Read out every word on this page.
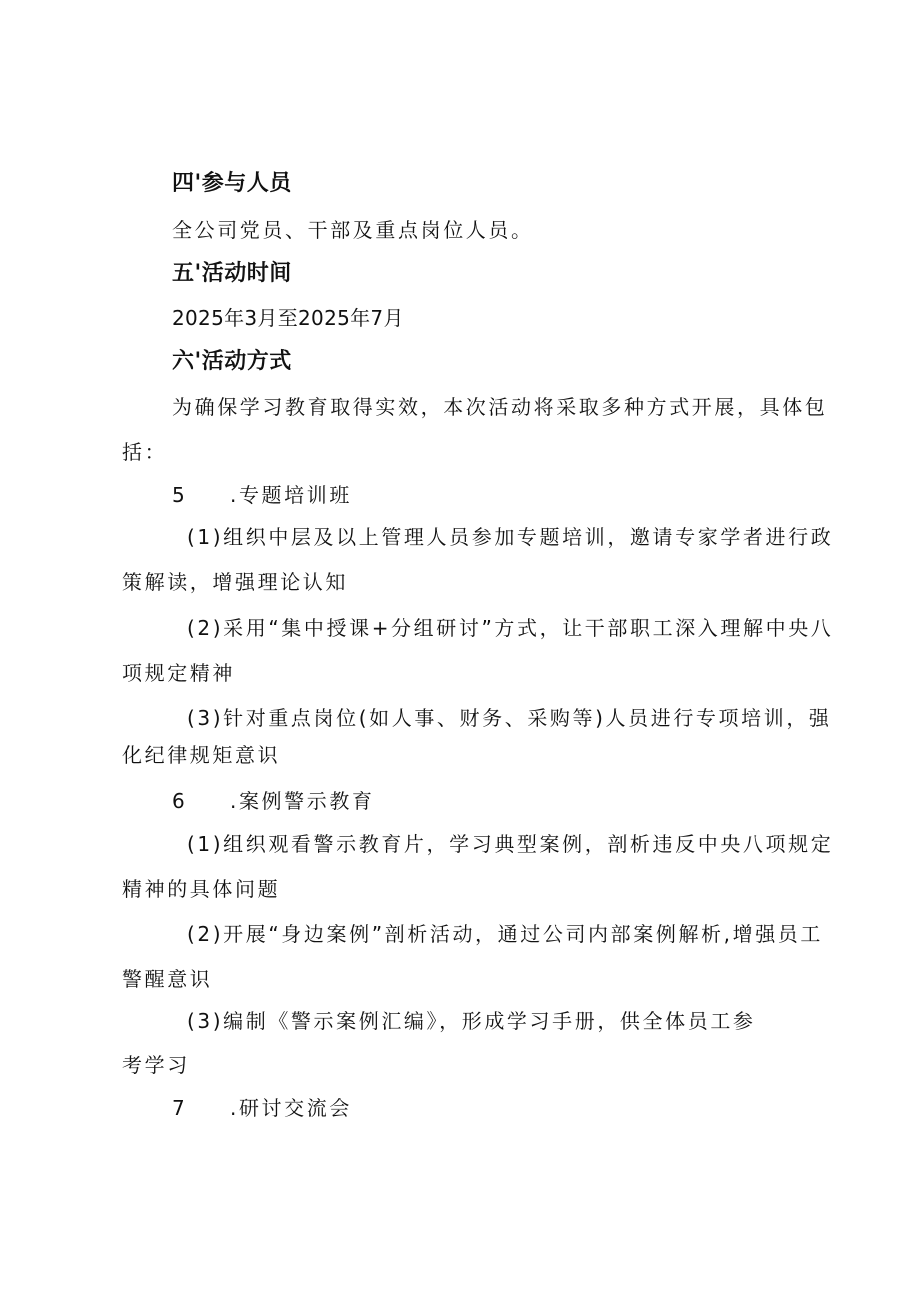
四'参与人员
全公司党员、干部及重点岗位人员。
五'活动时间
2025年3月至2025年7月
六'活动方式
为确保学习教育取得实效，本次活动将采取多种方式开展，具体包
括：
5 .专题培训班
(1)组织中层及以上管理人员参加专题培训，邀请专家学者进行政
策解读，增强理论认知
(2)采用“集中授课+分组研讨”方式，让干部职工深入理解中央八
项规定精神
(3)针对重点岗位(如人事、财务、采购等)人员进行专项培训，强
化纪律规矩意识
6 .案例警示教育
(1)组织观看警示教育片，学习典型案例，剖析违反中央八项规定
精神的具体问题
(2)开展“身边案例”剖析活动，通过公司内部案例解析,增强员工
警醒意识
(3)编制《警示案例汇编》，形成学习手册，供全体员工参
考学习
7 .研讨交流会
